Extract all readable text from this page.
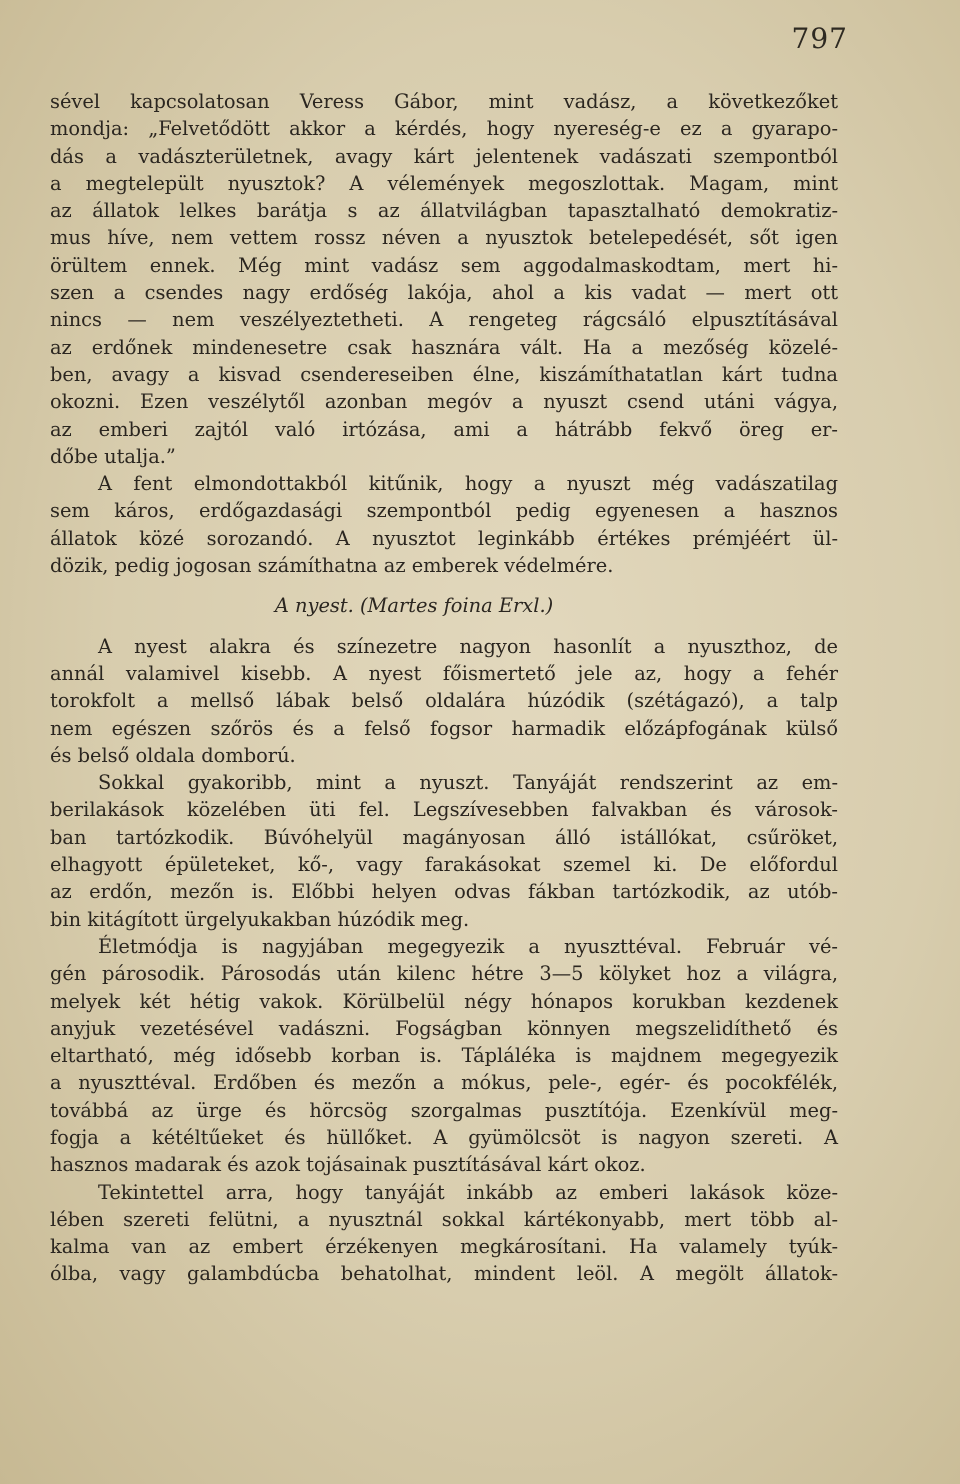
797
sével kapcsolatosan Veress Gábor, mint vadász, a következőket
mondja: „Felvetődött akkor a kérdés, hogy nyereség-e ez a gyarapo-
dás a vadászterületnek, avagy kárt jelentenek vadászati szempontból
a megtelepült nyusztok? A vélemények megoszlottak. Magam, mint
az állatok lelkes barátja s az állatvilágban tapasztalható demokratiz-
mus híve, nem vettem rossz néven a nyusztok betelepedését, sőt igen
örültem ennek. Még mint vadász sem aggodalmaskodtam, mert hi-
szen a csendes nagy erdőség lakója, ahol a kis vadat — mert ott
nincs — nem veszélyeztetheti. A rengeteg rágcsáló elpusztításával
az erdőnek mindenesetre csak hasznára vált. Ha a mezőség közelé-
ben, avagy a kisvad csendereseiben élne, kiszámíthatatlan kárt tudna
okozni. Ezen veszélytől azonban megóv a nyuszt csend utáni vágya,
az emberi zajtól való irtózása, ami a hátrább fekvő öreg er-
dőbe utalja.”
A fent elmondottakból kitűnik, hogy a nyuszt még vadászatilag
sem káros, erdőgazdasági szempontból pedig egyenesen a hasznos
állatok közé sorozandó. A nyusztot leginkább értékes prémjéért ül-
dözik, pedig jogosan számíthatna az emberek védelmére.
A nyest. (Martes foina Erxl.)
A nyest alakra és színezetre nagyon hasonlít a nyuszthoz, de
annál valamivel kisebb. A nyest főismertető jele az, hogy a fehér
torokfolt a mellső lábak belső oldalára húzódik (szétágazó), a talp
nem egészen szőrös és a felső fogsor harmadik előzápfogának külső
és belső oldala domború.
Sokkal gyakoribb, mint a nyuszt. Tanyáját rendszerint az em-
berilakások közelében üti fel. Legszívesebben falvakban és városok-
ban tartózkodik. Búvóhelyül magányosan álló istállókat, csűröket,
elhagyott épületeket, kő-, vagy farakásokat szemel ki. De előfordul
az erdőn, mezőn is. Előbbi helyen odvas fákban tartózkodik, az utób-
bin kitágított ürgelyukakban húzódik meg.
Életmódja is nagyjában megegyezik a nyuszttéval. Február vé-
gén párosodik. Párosodás után kilenc hétre 3—5 kölyket hoz a világra,
melyek két hétig vakok. Körülbelül négy hónapos korukban kezdenek
anyjuk vezetésével vadászni. Fogságban könnyen megszelidíthető és
eltartható, még idősebb korban is. Tápláléka is majdnem megegyezik
a nyuszttéval. Erdőben és mezőn a mókus, pele-, egér- és pocokfélék,
továbbá az ürge és hörcsög szorgalmas pusztítója. Ezenkívül meg-
fogja a kétéltűeket és hüllőket. A gyümölcsöt is nagyon szereti. A
hasznos madarak és azok tojásainak pusztításával kárt okoz.
Tekintettel arra, hogy tanyáját inkább az emberi lakások köze-
lében szereti felütni, a nyusztnál sokkal kártékonyabb, mert több al-
kalma van az embert érzékenyen megkárosítani. Ha valamely tyúk-
ólba, vagy galambdúcba behatolhat, mindent leöl. A megölt állatok-
